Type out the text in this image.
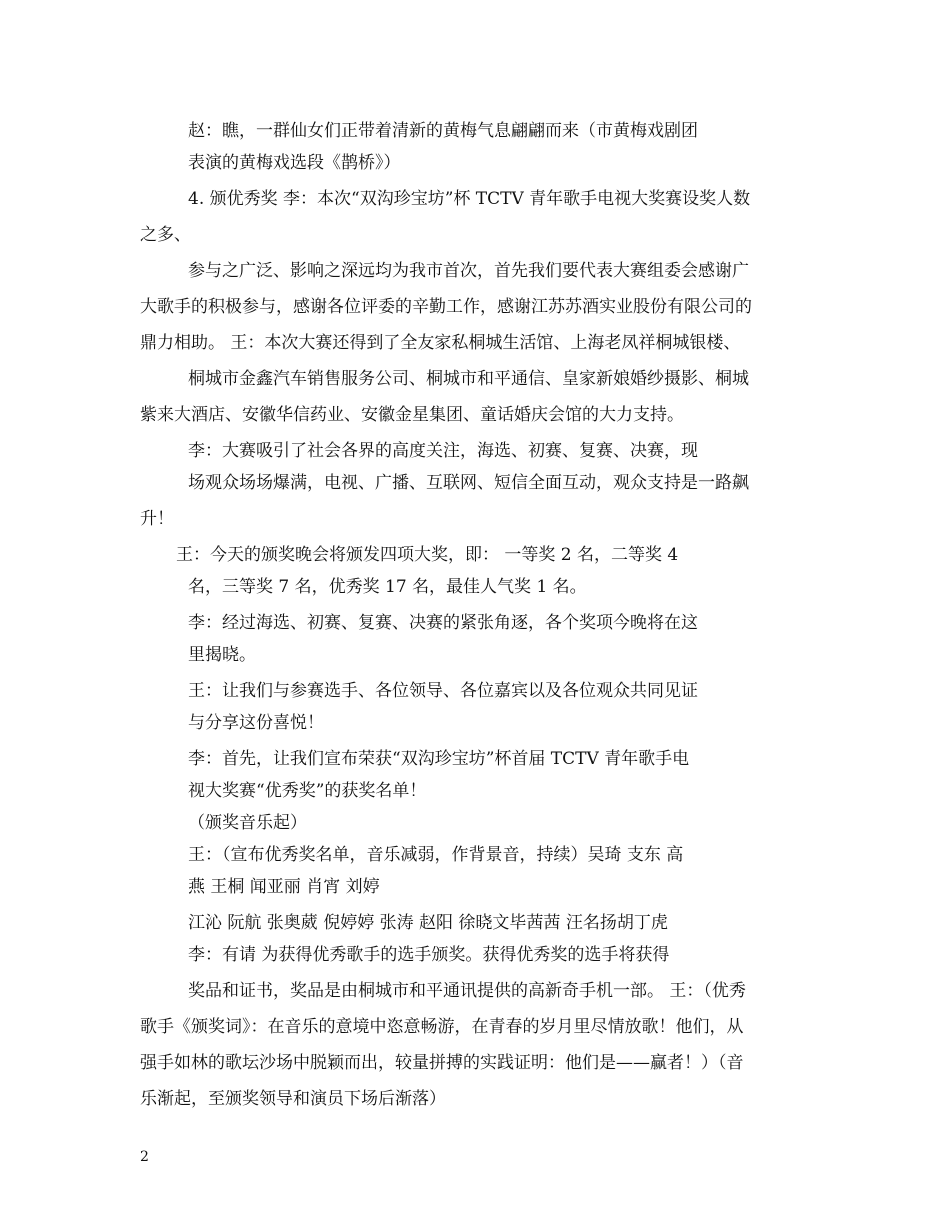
赵：瞧，一群仙女们正带着清新的黄梅气息翩翩而来（市黄梅戏剧团

表演的黄梅戏选段《鹊桥》）

4. 颁优秀奖 李：本次“双沟珍宝坊”杯 TCTV 青年歌手电视大奖赛设奖人数

之多、

参与之广泛、影响之深远均为我市首次，首先我们要代表大赛组委会感谢广

大歌手的积极参与，感谢各位评委的辛勤工作，感谢江苏苏酒实业股份有限公司的

鼎力相助。 王：本次大赛还得到了全友家私桐城生活馆、上海老凤祥桐城银楼、

桐城市金鑫汽车销售服务公司、桐城市和平通信、皇家新娘婚纱摄影、桐城

紫来大酒店、安徽华信药业、安徽金星集团、童话婚庆会馆的大力支持。

李：大赛吸引了社会各界的高度关注，海选、初赛、复赛、决赛，现

场观众场场爆满，电视、广播、互联网、短信全面互动，观众支持是一路飙

升！

王：今天的颁奖晚会将颁发四项大奖，即： 一等奖 2 名，二等奖 4

名，三等奖 7 名，优秀奖 17 名，最佳人气奖 1 名。

李：经过海选、初赛、复赛、决赛的紧张角逐，各个奖项今晚将在这

里揭晓。

王：让我们与参赛选手、各位领导、各位嘉宾以及各位观众共同见证

与分享这份喜悦！

李：首先，让我们宣布荣获“双沟珍宝坊”杯首届 TCTV 青年歌手电

视大奖赛“优秀奖”的获奖名单！

（颁奖音乐起）

王：（宣布优秀奖名单，音乐减弱，作背景音，持续）吴琦 支东 高

燕 王桐 闻亚丽 肖宵 刘婷

江沁 阮航 张奥葳 倪婷婷 张涛 赵阳 徐晓文毕茜茜 汪名扬胡丁虎

李：有请 为获得优秀歌手的选手颁奖。获得优秀奖的选手将获得

奖品和证书，奖品是由桐城市和平通讯提供的高新奇手机一部。 王：（优秀

歌手《颁奖词》：在音乐的意境中恣意畅游，在青春的岁月里尽情放歌！他们，从

强手如林的歌坛沙场中脱颖而出，较量拼搏的实践证明：他们是——赢者！）（音

乐渐起，至颁奖领导和演员下场后渐落）

2
